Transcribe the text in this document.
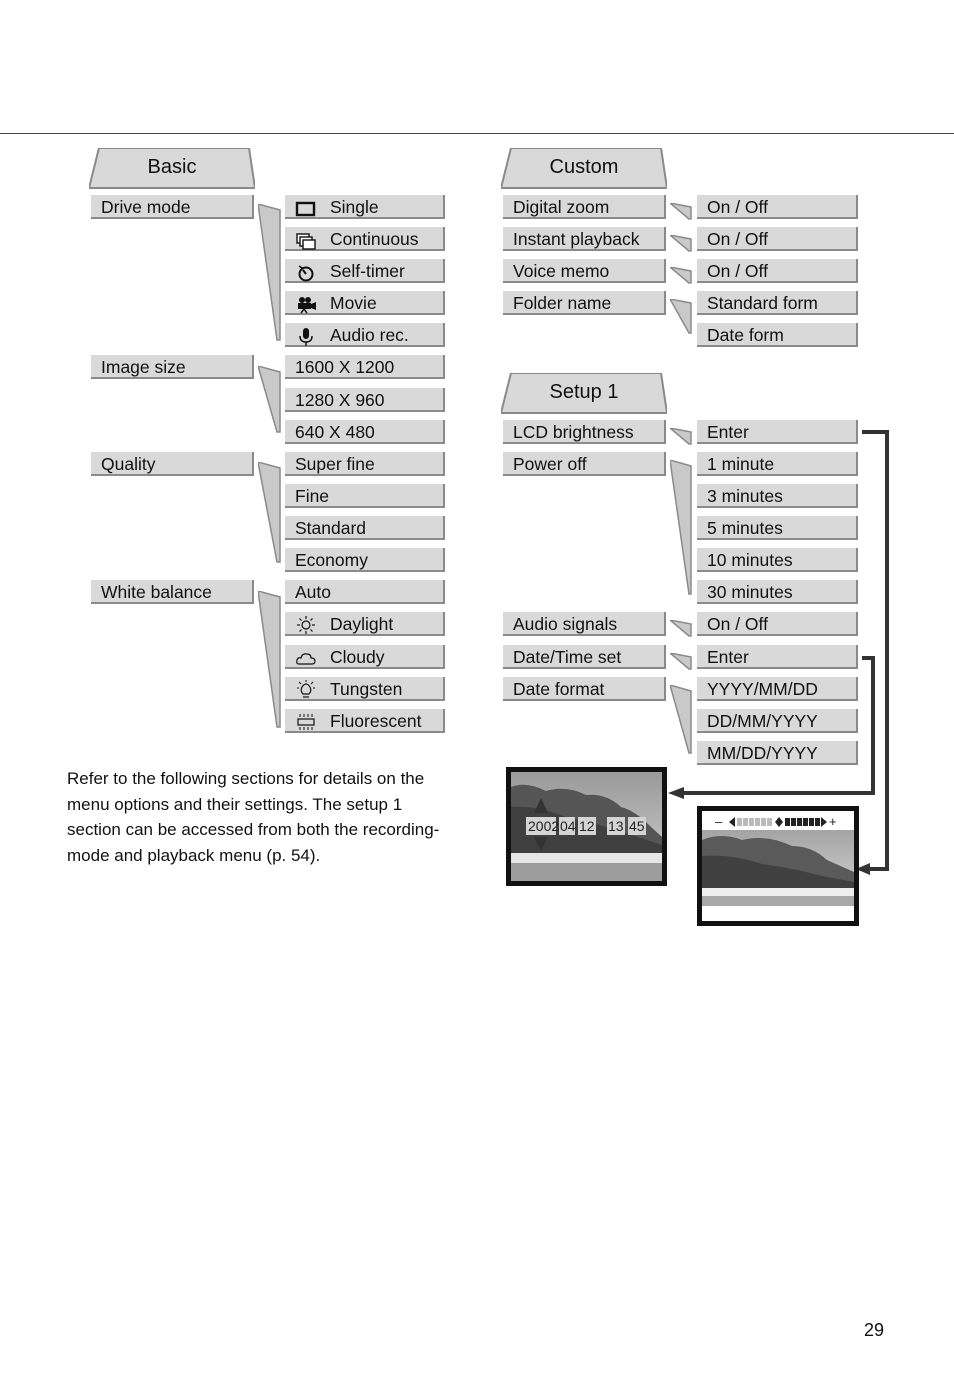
Basic
Drive mode
Image size
Quality
White balance
Single
Continuous
Self-timer
Movie
Audio rec.
1600 X 1200
1280 X 960
640 X 480
Super fine
Fine
Standard
Economy
Auto
Daylight
Cloudy
Tungsten
Fluorescent
Custom
Digital zoom
Instant playback
Voice memo
Folder name
On / Off
On / Off
On / Off
Standard form
Date form
Setup 1
LCD brightness
Power off
Audio signals
Date/Time set
Date format
Enter
1 minute
3 minutes
5 minutes
10 minutes
30 minutes
On / Off
Enter
YYYY/MM/DD
DD/MM/YYYY
MM/DD/YYYY
2002 04 12 13 45	–	+
Refer to the following sections for details on the menu options and their settings. The setup 1 section can be accessed from both the recording-mode and playback menu (p. 54).
29
